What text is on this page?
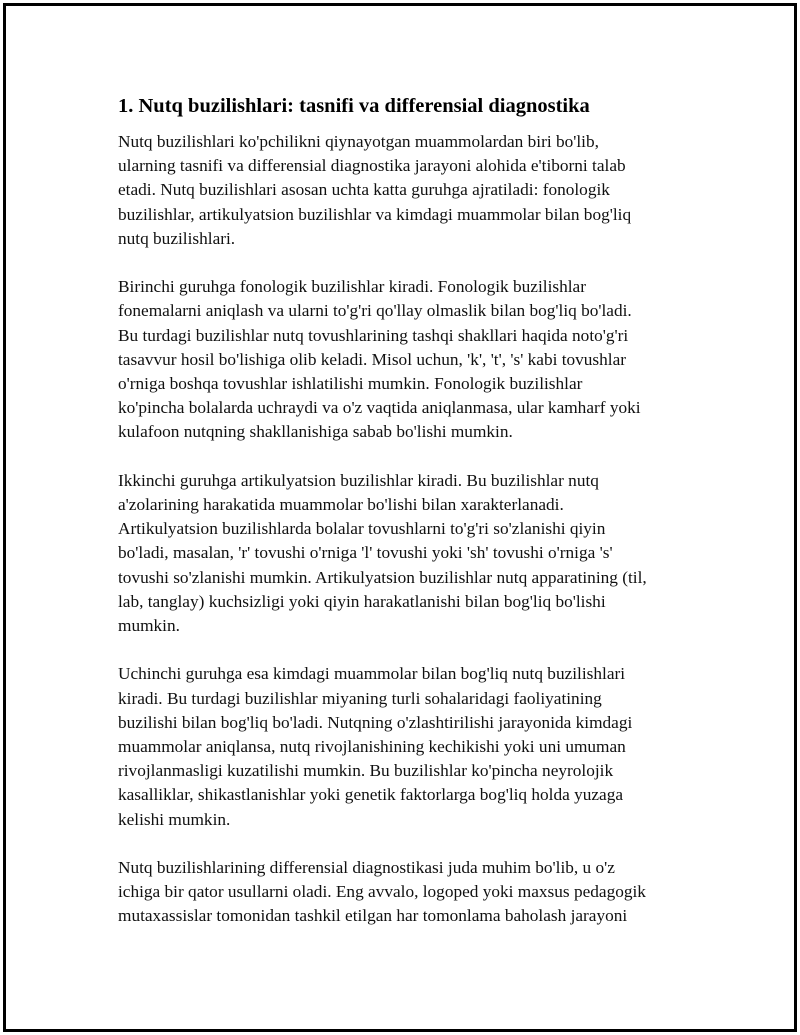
1. Nutq buzilishlari: tasnifi va differensial diagnostika

Nutq buzilishlari ko'pchilikni qiynayotgan muammolardan biri bo'lib,
ularning tasnifi va differensial diagnostika jarayoni alohida e'tiborni talab
etadi. Nutq buzilishlari asosan uchta katta guruhga ajratiladi: fonologik
buzilishlar, artikulyatsion buzilishlar va kimdagi muammolar bilan bog'liq
nutq buzilishlari.

Birinchi guruhga fonologik buzilishlar kiradi. Fonologik buzilishlar
fonemalarni aniqlash va ularni to'g'ri qo'llay olmaslik bilan bog'liq bo'ladi.
Bu turdagi buzilishlar nutq tovushlarining tashqi shakllari haqida noto'g'ri
tasavvur hosil bo'lishiga olib keladi. Misol uchun, 'k', 't', 's' kabi tovushlar
o'rniga boshqa tovushlar ishlatilishi mumkin. Fonologik buzilishlar
ko'pincha bolalarda uchraydi va o'z vaqtida aniqlanmasa, ular kamharf yoki
kulafoon nutqning shakllanishiga sabab bo'lishi mumkin.

Ikkinchi guruhga artikulyatsion buzilishlar kiradi. Bu buzilishlar nutq
a'zolarining harakatida muammolar bo'lishi bilan xarakterlanadi.
Artikulyatsion buzilishlarda bolalar tovushlarni to'g'ri so'zlanishi qiyin
bo'ladi, masalan, 'r' tovushi o'rniga 'l' tovushi yoki 'sh' tovushi o'rniga 's'
tovushi so'zlanishi mumkin. Artikulyatsion buzilishlar nutq apparatining (til,
lab, tanglay) kuchsizligi yoki qiyin harakatlanishi bilan bog'liq bo'lishi
mumkin.

Uchinchi guruhga esa kimdagi muammolar bilan bog'liq nutq buzilishlari
kiradi. Bu turdagi buzilishlar miyaning turli sohalaridagi faoliyatining
buzilishi bilan bog'liq bo'ladi. Nutqning o'zlashtirilishi jarayonida kimdagi
muammolar aniqlansa, nutq rivojlanishining kechikishi yoki uni umuman
rivojlanmasligi kuzatilishi mumkin. Bu buzilishlar ko'pincha neyrolojik
kasalliklar, shikastlanishlar yoki genetik faktorlarga bog'liq holda yuzaga
kelishi mumkin.

Nutq buzilishlarining differensial diagnostikasi juda muhim bo'lib, u o'z
ichiga bir qator usullarni oladi. Eng avvalo, logoped yoki maxsus pedagogik
mutaxassislar tomonidan tashkil etilgan har tomonlama baholash jarayoni
